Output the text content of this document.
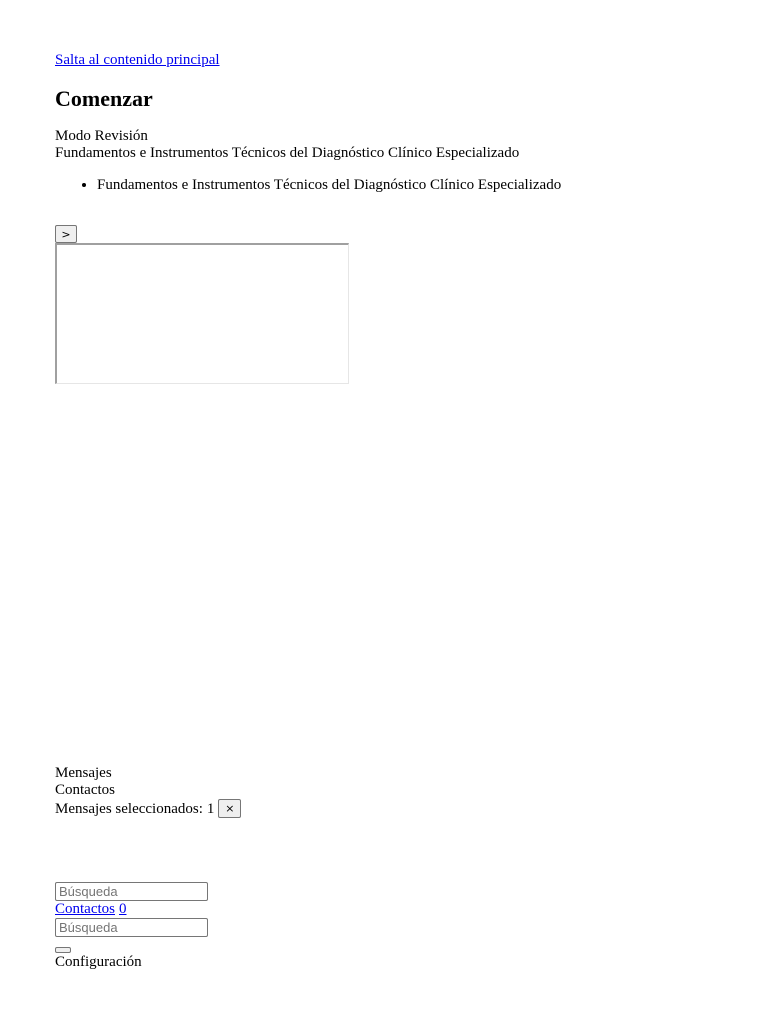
Salta al contenido principal
Comenzar
Modo Revisión
Fundamentos e Instrumentos Técnicos del Diagnóstico Clínico Especializado
• Fundamentos e Instrumentos Técnicos del Diagnóstico Clínico Especializado
>
Mensajes
Contactos
Mensajes seleccionados: 1 ×
Búsqueda
Contactos 0
Búsqueda
Configuración
